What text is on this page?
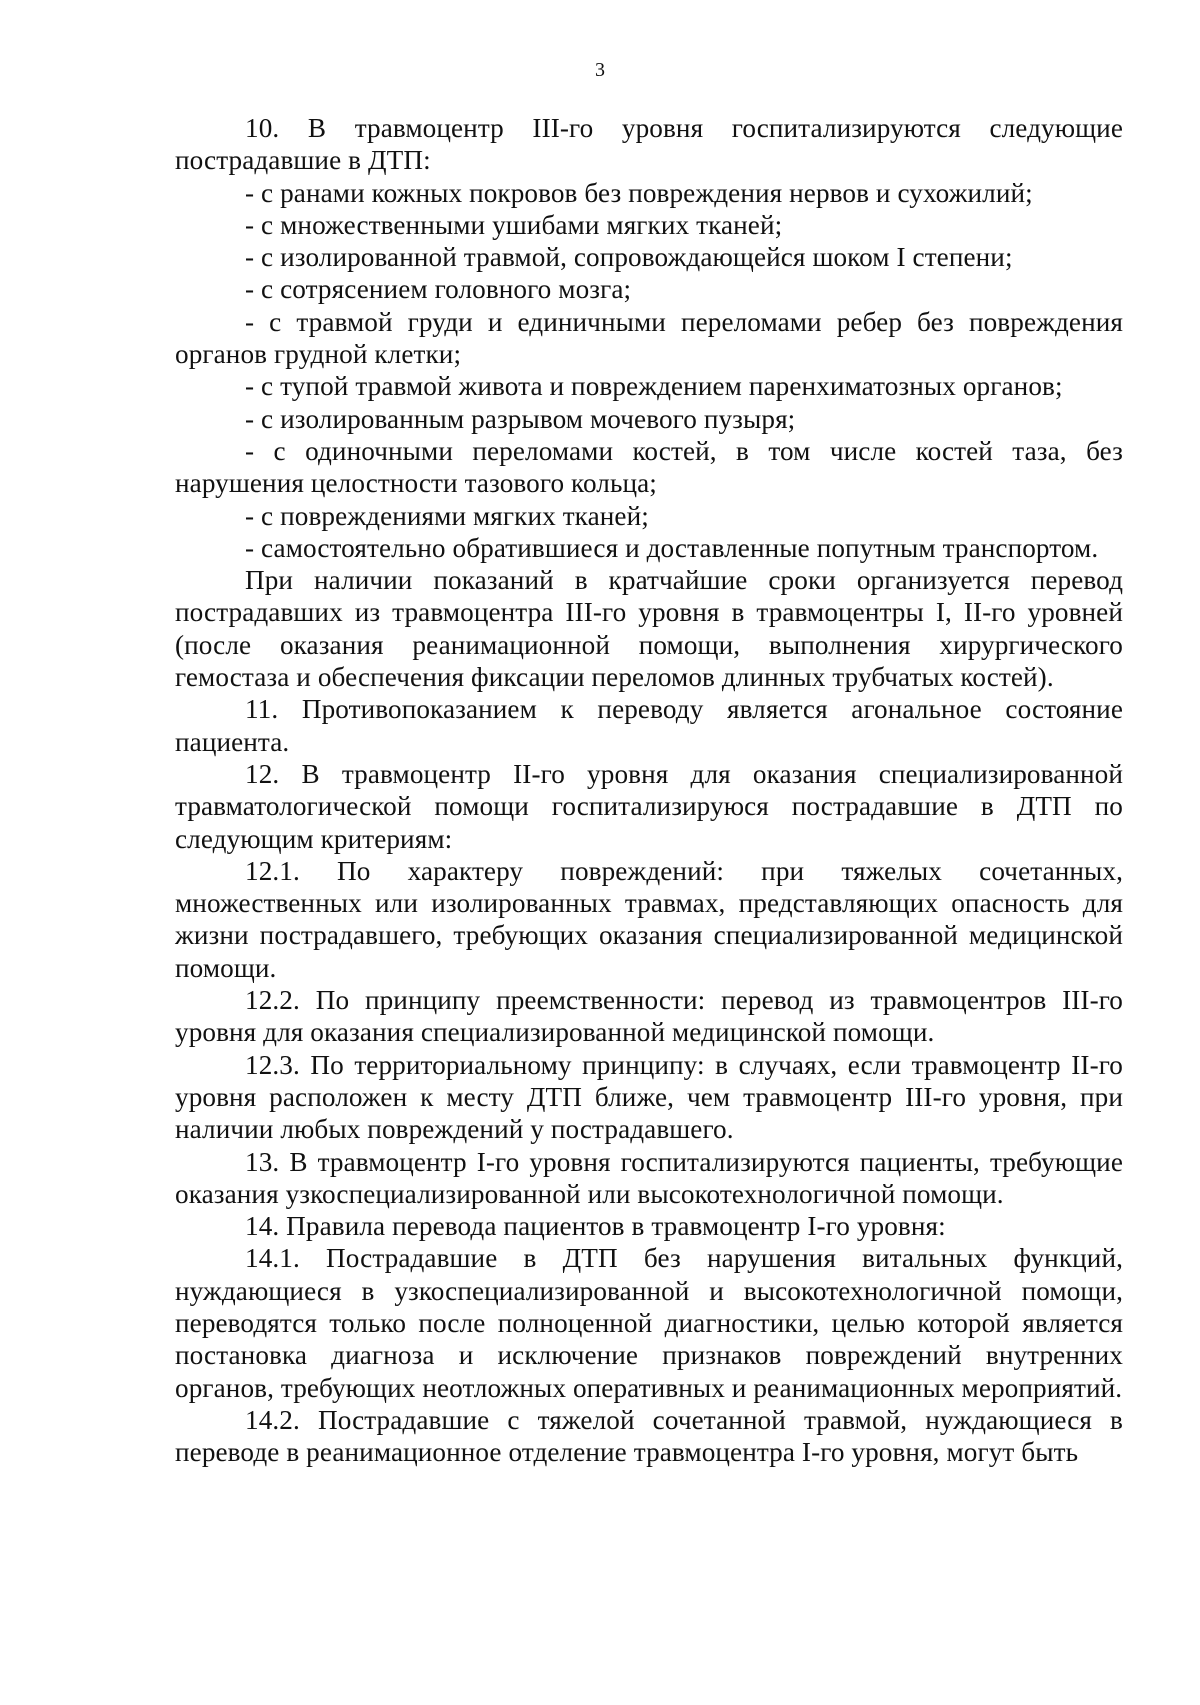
3

10. В травмоцентр III-го уровня госпитализируются следующие пострадавшие в ДТП:

- с ранами кожных покровов без повреждения нервов и сухожилий;

- с множественными ушибами мягких тканей;

- с изолированной травмой, сопровождающейся шоком I степени;

- с сотрясением головного мозга;

- с травмой груди и единичными переломами ребер без повреждения органов грудной клетки;

- с тупой травмой живота и повреждением паренхиматозных органов;

- с изолированным разрывом мочевого пузыря;

- с одиночными переломами костей, в том числе костей таза, без нарушения целостности тазового кольца;

- с повреждениями мягких тканей;

- самостоятельно обратившиеся и доставленные попутным транспортом.

При наличии показаний в кратчайшие сроки организуется перевод пострадавших из травмоцентра III-го уровня в травмоцентры I, II-го уровней (после оказания реанимационной помощи, выполнения хирургического гемостаза и обеспечения фиксации переломов длинных трубчатых костей).

11. Противопоказанием к переводу является агональное состояние пациента.

12. В травмоцентр II-го уровня для оказания специализированной травматологической помощи госпитализируюся пострадавшие в ДТП по следующим критериям:

12.1. По характеру повреждений: при тяжелых сочетанных, множественных или изолированных травмах, представляющих опасность для жизни пострадавшего, требующих оказания специализированной медицинской помощи.

12.2. По принципу преемственности: перевод из травмоцентров III-го уровня для оказания специализированной медицинской помощи.

12.3. По территориальному принципу: в случаях, если травмоцентр II-го уровня расположен к месту ДТП ближе, чем травмоцентр III-го уровня, при наличии любых повреждений у пострадавшего.

13. В травмоцентр I-го уровня госпитализируются пациенты, требующие оказания узкоспециализированной или высокотехнологичной помощи.

14. Правила перевода пациентов в травмоцентр I-го уровня:

14.1. Пострадавшие в ДТП без нарушения витальных функций, нуждающиеся в узкоспециализированной и высокотехнологичной помощи, переводятся только после полноценной диагностики, целью которой является постановка диагноза и исключение признаков повреждений внутренних органов, требующих неотложных оперативных и реанимационных мероприятий.

14.2. Пострадавшие с тяжелой сочетанной травмой, нуждающиеся в переводе в реанимационное отделение травмоцентра I-го уровня, могут быть
